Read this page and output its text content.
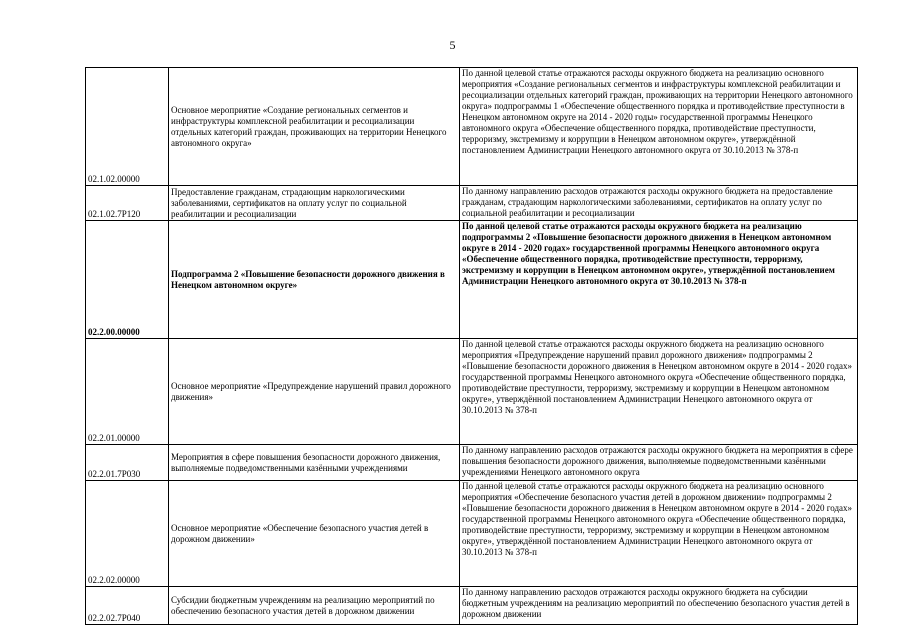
5
02.1.02.00000	Основное мероприятие «Создание региональных сегментов и инфраструктуры комплексной реабилитации и ресоциализации отдельных категорий граждан, проживающих на территории Ненецкого автономного округа»	По данной целевой статье отражаются расходы окружного бюджета на реализацию основного мероприятия «Создание региональных сегментов и инфраструктуры комплексной реабилитации и ресоциализации отдельных категорий граждан, проживающих на территории Ненецкого автономного округа» подпрограммы 1 «Обеспечение общественного порядка и противодействие преступности в Ненецком автономном округе на 2014 - 2020 годы» государственной программы Ненецкого автономного округа «Обеспечение общественного порядка, противодействие преступности, терроризму, экстремизму и коррупции в Ненецком автономном округе», утверждённой постановлением Администрации Ненецкого автономного округа от 30.10.2013 № 378-п
02.1.02.7Р120	Предоставление гражданам, страдающим наркологическими заболеваниями, сертификатов на оплату услуг по социальной реабилитации и ресоциализации	По данному направлению расходов отражаются расходы окружного бюджета на предоставление гражданам, страдающим наркологическими заболеваниями, сертификатов на оплату услуг по социальной реабилитации и ресоциализации
02.2.00.00000	Подпрограмма 2 «Повышение безопасности дорожного движения в Ненецком автономном округе»	По данной целевой статье отражаются расходы окружного бюджета на реализацию подпрограммы 2 «Повышение безопасности дорожного движения в Ненецком автономном округе в 2014 - 2020 годах» государственной программы Ненецкого автономного округа «Обеспечение общественного порядка, противодействие преступности, терроризму, экстремизму и коррупции в Ненецком автономном округе», утверждённой постановлением Администрации Ненецкого автономного округа от 30.10.2013 № 378-п
02.2.01.00000	Основное мероприятие «Предупреждение нарушений правил дорожного движения»	По данной целевой статье отражаются расходы окружного бюджета на реализацию основного мероприятия «Предупреждение нарушений правил дорожного движения» подпрограммы 2 «Повышение безопасности дорожного движения в Ненецком автономном округе в 2014 - 2020 годах» государственной программы Ненецкого автономного округа «Обеспечение общественного порядка, противодействие преступности, терроризму, экстремизму и коррупции в Ненецком автономном округе», утверждённой постановлением Администрации Ненецкого автономного округа от 30.10.2013 № 378-п
02.2.01.7Р030	Мероприятия в сфере повышения безопасности дорожного движения, выполняемые подведомственными казёнными учреждениями	По данному направлению расходов отражаются расходы окружного бюджета на мероприятия в сфере повышения безопасности дорожного движения, выполняемые подведомственными казёнными учреждениями Ненецкого автономного округа
02.2.02.00000	Основное мероприятие «Обеспечение безопасного участия детей в дорожном движении»	По данной целевой статье отражаются расходы окружного бюджета на реализацию основного мероприятия «Обеспечение безопасного участия детей в дорожном движении» подпрограммы 2 «Повышение безопасности дорожного движения в Ненецком автономном округе в 2014 - 2020 годах» государственной программы Ненецкого автономного округа «Обеспечение общественного порядка, противодействие преступности, терроризму, экстремизму и коррупции в Ненецком автономном округе», утверждённой постановлением Администрации Ненецкого автономного округа от 30.10.2013 № 378-п
02.2.02.7Р040	Субсидии бюджетным учреждениям на реализацию мероприятий по обеспечению безопасного участия детей в дорожном движении	По данному направлению расходов отражаются расходы окружного бюджета на субсидии бюджетным учреждениям на реализацию мероприятий по обеспечению безопасного участия детей в дорожном движении
